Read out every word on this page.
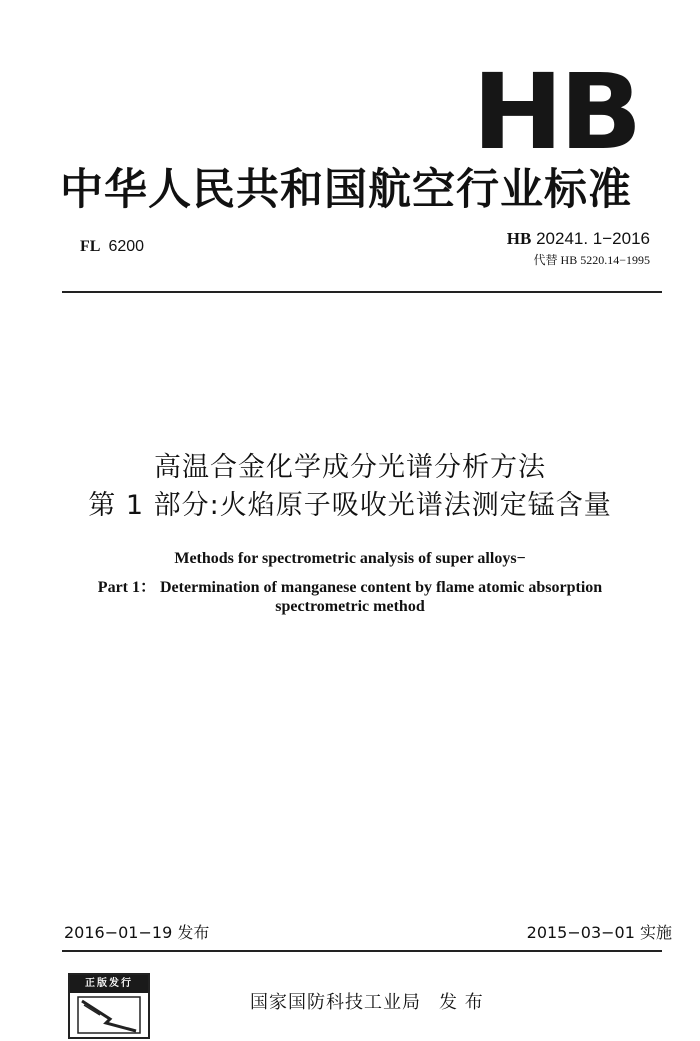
HB
中华人民共和国航空行业标准
FL 6200	HB 20241. 1−2016
代替 HB 5220.14−1995
高温合金化学成分光谱分析方法
第 1 部分:火焰原子吸收光谱法测定锰含量
Methods for spectrometric analysis of super alloys−
Part 1： Determination of manganese content by flame atomic absorption
spectrometric method
2016−01−19 发布	2015−03−01 实施
正版发行
国家国防科技工业局 发 布
